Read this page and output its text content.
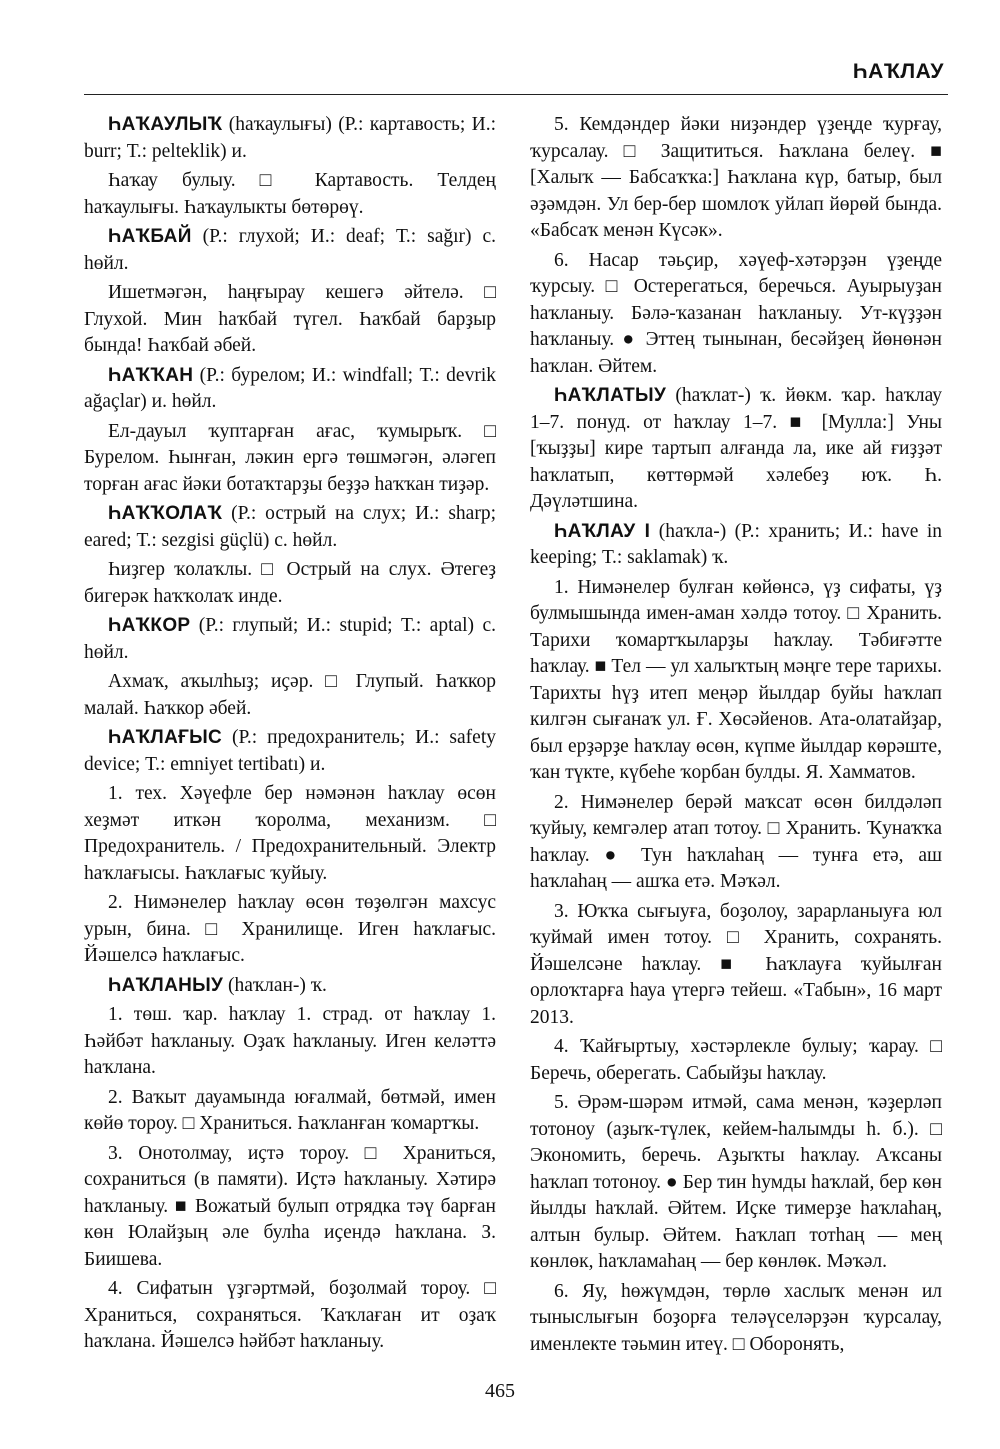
ҺАҠЛАУ

ҺАҠАУЛЫҠ (һаҡаулығы) (Р.: картавость; И.: burr; Т.: pelteklik) и.

Һаҡау булыу. □ Картавость. Телдең һаҡаулығы. Һаҡаулыкты бөтөрөү.

ҺАҠБАЙ (Р.: глухой; И.: deaf; Т.: sağır) с. һөйл.

Ишетмәгән, һаңғырау кешегә әйтелә. □ Глухой. Мин һаҡбай түгел. Һаҡбай барҙыр бында! Һаҡбай әбей.

ҺАҠҠАН (Р.: бурелом; И.: windfall; Т.: devrik ağaçlar) и. һөйл.

Ел-дауыл ҡуптарған ағас, ҡумырыҡ. □ Бурелом. Һынған, ләкин ергә төшмәгән, әләгеп торған ағас йәки ботаҡтарҙы беҙҙә һаҡҡан тиҙәр.

ҺАҠҠОЛАҠ (Р.: острый на слух; И.: sharp; eared; Т.: sezgisi güçlü) с. һөйл.

Һиҙгер ҡолаҡлы. □ Острый на слух. Әтегеҙ бигерәк һаҡҡолаҡ инде.

ҺАҠКОР (Р.: глупый; И.: stupid; Т.: aptal) с. һөйл.

Ахмаҡ, аҡылһыҙ; иҫәр. □ Глупый. Һаҡкор малай. Һаҡкор әбей.

ҺАҠЛАҒЫС (Р.: предохранитель; И.: safety device; Т.: emniyet tertibatı) и.

1. тех. Хәүефле бер нәмәнән һаҡлау өсөн хеҙмәт иткән ҡоролма, механизм. □ Предохранитель. / Предохранительный. Электр һаҡлағысы. Һаҡлағыс ҡуйыу.

2. Нимәнелер һаҡлау өсөн төҙөлгән махсус урын, бина. □ Хранилище. Иген һаҡлағыс. Йәшелсә һаҡлағыс.

ҺАҠЛАНЫУ (һаҡлан-) ҡ.

1. төш. ҡар. һаҡлау 1. страд. от һаҡлау 1. Һәйбәт һаҡланыу. Оҙаҡ һаҡланыу. Иген келәттә һаҡлана.

2. Ваҡыт дауамында юғалмай, бөтмәй, имен көйө тороу. □ Храниться. Һаҡланған ҡомартҡы.

3. Онотолмау, иҫтә тороу. □ Храниться, сохраниться (в памяти). Иҫтә һаҡланыу. Хәтирә һаҡланыу. ■ Вожатый булып отрядка тәү барған көн Юлайҙың әле булһа иҫендә һаҡлана. З. Биишева.

4. Сифатын үҙгәртмәй, боҙолмай тороу. □ Храниться, сохраняться. Ҡаҡлаған ит оҙаҡ һаҡлана. Йәшелсә һәйбәт һаҡланыу.

5. Кемдәндер йәки ниҙәндер үҙеңде ҡурғау, ҡурсалау. □ Защититься. Һаҡлана белеү. ■ [Халыҡ — Бабсаҡҡа:] Һаҡлана күр, батыр, был әҙәмдән. Ул бер-бер шомлоҡ уйлап йөрөй бында. «Бабсаҡ менән Күсәк».

6. Насар тәьҫир, хәүеф-хәтәрҙән үҙеңде ҡурсыу. □ Остерегаться, беречься. Ауырыуҙан һаҡланыу. Бәлә-ҡазанан һаҡланыу. Ут-күҙҙән һаҡланыу. ● Эттең тынынан, бесәйҙең йөнөнән һаҡлан. Әйтем.

ҺАҠЛАТЫУ (һаҡлат-) ҡ. йөкм. ҡар. һаҡлау 1–7. понуд. от һаҡлау 1–7. ■ [Мулла:] Уны [ҡыҙҙы] кире тартып алғанда ла, ике ай ғиҙҙәт һаҡлатып, көттөрмәй хәлебеҙ юҡ. Һ. Дәүләтшина.

ҺАҠЛАУ I (һаҡла-) (Р.: хранить; И.: have in keeping; Т.: saklamak) ҡ.

1. Нимәнелер булған көйөнсә, үҙ сифаты, үҙ булмышында имен-аман хәлдә тотоу. □ Хранить. Тарихи ҡомартҡыларҙы һаҡлау. Тәбиғәтте һаҡлау. ■ Тел — ул халыҡтың мәңге тере тарихы. Тарихты һүҙ итеп меңәр йылдар буйы һаҡлап килгән сығанаҡ ул. Ғ. Хөсәйенов. Ата-олатайҙар, был ерҙәрҙе һаҡлау өсөн, күпме йылдар көрәште, ҡан түкте, күбеһе ҡорбан булды. Я. Хамматов.

2. Нимәнелер берәй маҡсат өсөн билдәләп ҡуйыу, кемгәлер атап тотоу. □ Хранить. Ҡунаҡҡа һаҡлау. ● Тун һаҡлаһаң — тунға етә, аш һаҡлаһаң — ашҡа етә. Мәҡәл.

3. Юҡҡа сығыуға, боҙолоу, зарарланыуға юл ҡуймай имен тотоу. □ Хранить, сохранять. Йәшелсәне һаҡлау. ■ Һаҡлауға ҡуйылған орлоҡтарға һауа үтергә тейеш. «Табын», 16 март 2013.

4. Ҡайғыртыу, хәстәрлекле булыу; ҡарау. □ Беречь, оберегать. Сабыйҙы һаҡлау.

5. Әрәм-шәрәм итмәй, сама менән, ҡәҙерләп тотоноу (аҙыҡ-түлек, кейем-һалымды һ. б.). □ Экономить, беречь. Аҙыҡты һаҡлау. Аҡсаны һаҡлап тотоноу. ● Бер тин һумды һаҡлай, бер көн йылды һаҡлай. Әйтем. Иҫке тимерҙе һаҡлаһаң, алтын булыр. Әйтем. Һаҡлап тотһаң — мең көнлөк, һаҡламаһаң — бер көнлөк. Мәҡәл.

6. Яу, һөжүмдән, төрлө хаслыҡ менән ил тыныслығын боҙорға теләүселәрҙән ҡурсалау, именлекте тәьмин итеү. □ Оборонять,

465
